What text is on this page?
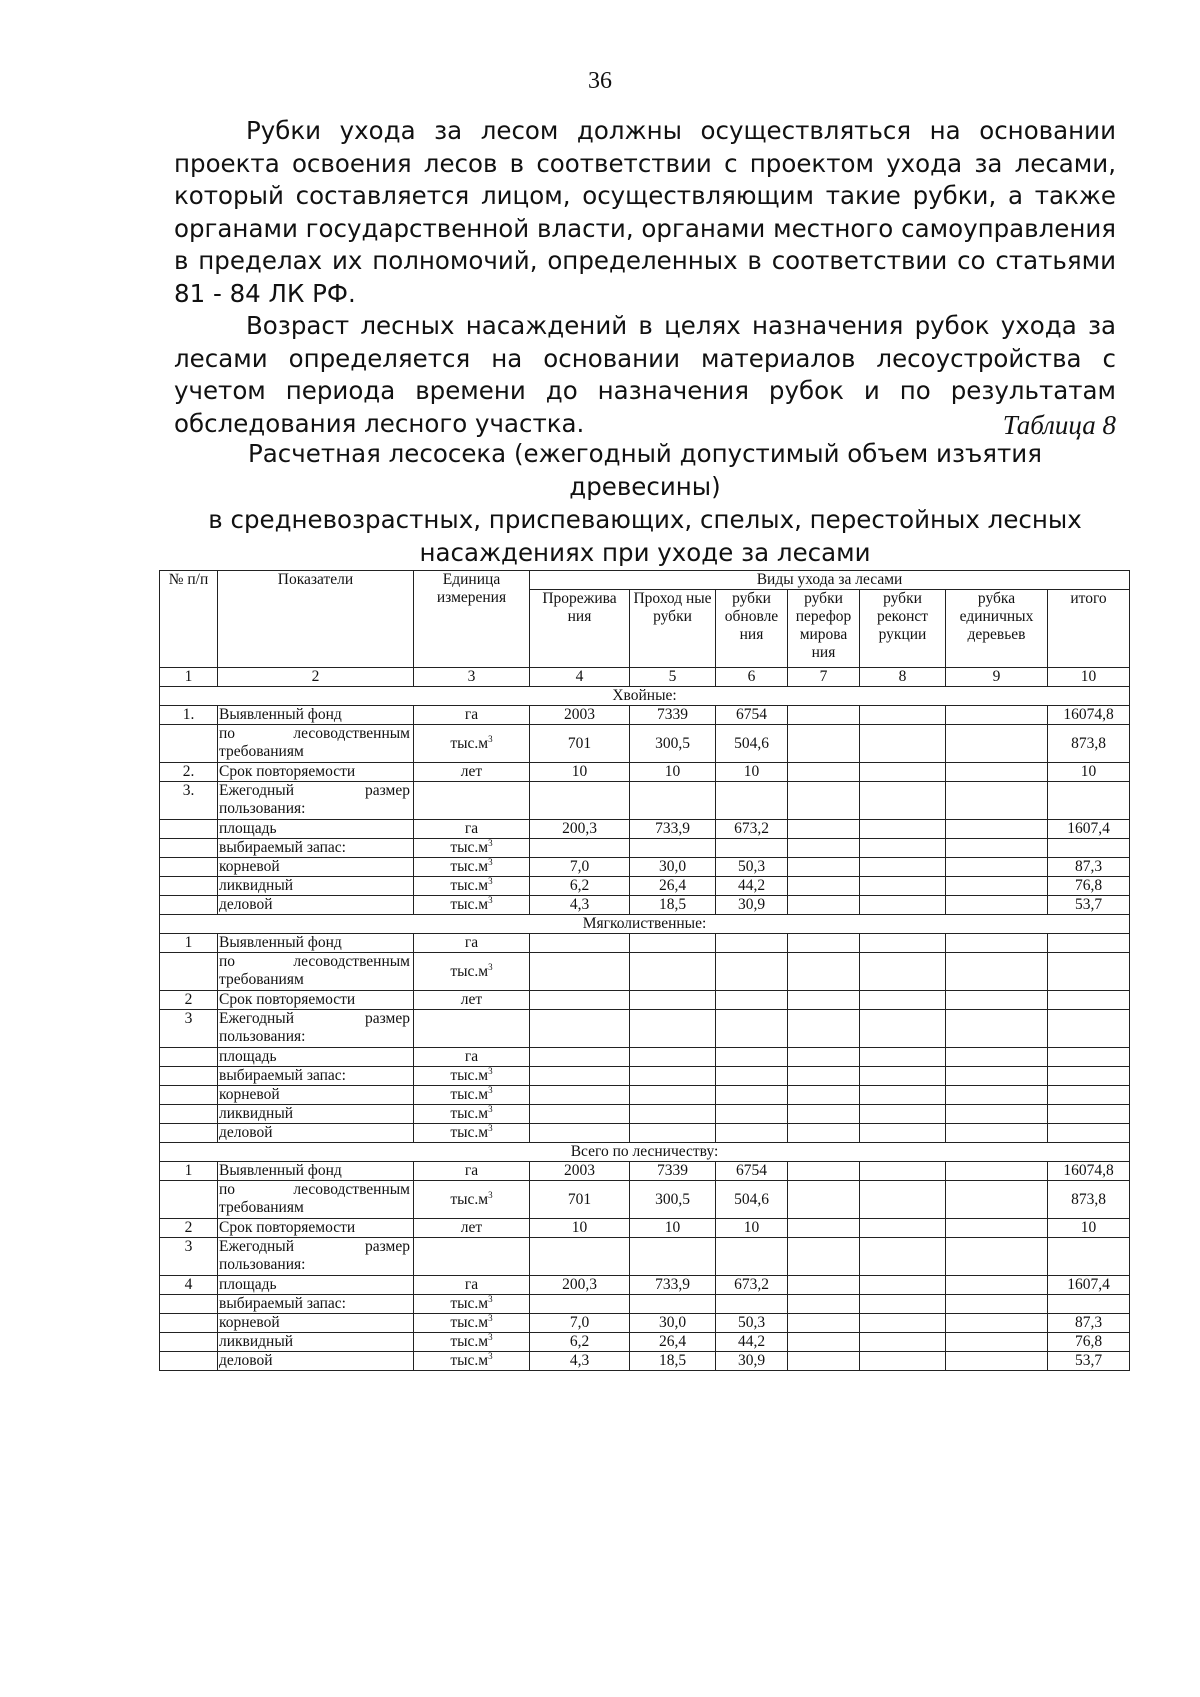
36

Рубки ухода за лесом должны осуществляться на основании проекта освоения лесов в соответствии с проектом ухода за лесами, который составляется лицом, осуществляющим такие рубки, а также органами государственной власти, органами местного самоуправления в пределах их полномочий, определенных в соответствии со статьями 81 - 84 ЛК РФ.

Возраст лесных насаждений в целях назначения рубок ухода за лесами определяется на основании материалов лесоустройства с учетом периода времени до назначения рубок и по результатам обследования лесного участка.	Таблица 8
Расчетная лесосека (ежегодный допустимый объем изъятия древесины)
в средневозрастных, приспевающих, спелых, перестойных лесных
насаждениях при уходе за лесами
№ п/п	Показатели	Единица измерения	Виды ухода за лесами						
			Прорежива ния	Проход ные рубки	рубки обновле ния	рубки перефор мирова ния	рубки реконст рукции	рубка единичных деревьев	итого
1	2	3	4	5	6	7	8	9	10
Хвойные:									
1.	Выявленный фонд	га	2003	7339	6754				16074,8
	по лесоводственным требованиям	$тыс.м^3$	701	300,5	504,6				873,8
2.	Срок повторяемости	лет	10	10	10				10
3.	Ежегодный размер пользования:								
	площадь	га	200,3	733,9	673,2				1607,4
	выбираемый запас:	$тыс.м^3$							
	корневой	$тыс.м^3$	7,0	30,0	50,3				87,3
	ликвидный	$тыс.м^3$	6,2	26,4	44,2				76,8
	деловой	$тыс.м^3$	4,3	18,5	30,9				53,7
Мягколиственные:									
1	Выявленный фонд	га							
	по лесоводственным требованиям	$тыс.м^3$							
2	Срок повторяемости	лет							
3	Ежегодный размер пользования:								
	площадь	га							
	выбираемый запас:	$тыс.м^3$							
	корневой	$тыс.м^3$							
	ликвидный	$тыс.м^3$							
	деловой	$тыс.м^3$							
Всего по лесничеству:									
1	Выявленный фонд	га	2003	7339	6754				16074,8
	по лесоводственным требованиям	$тыс.м^3$	701	300,5	504,6				873,8
2	Срок повторяемости	лет	10	10	10				10
3	Ежегодный размер пользования:								
4	площадь	га	200,3	733,9	673,2				1607,4
	выбираемый запас:	$тыс.м^3$							
	корневой	$тыс.м^3$	7,0	30,0	50,3				87,3
	ликвидный	$тыс.м^3$	6,2	26,4	44,2				76,8
	деловой	$тыс.м^3$	4,3	18,5	30,9				53,7
